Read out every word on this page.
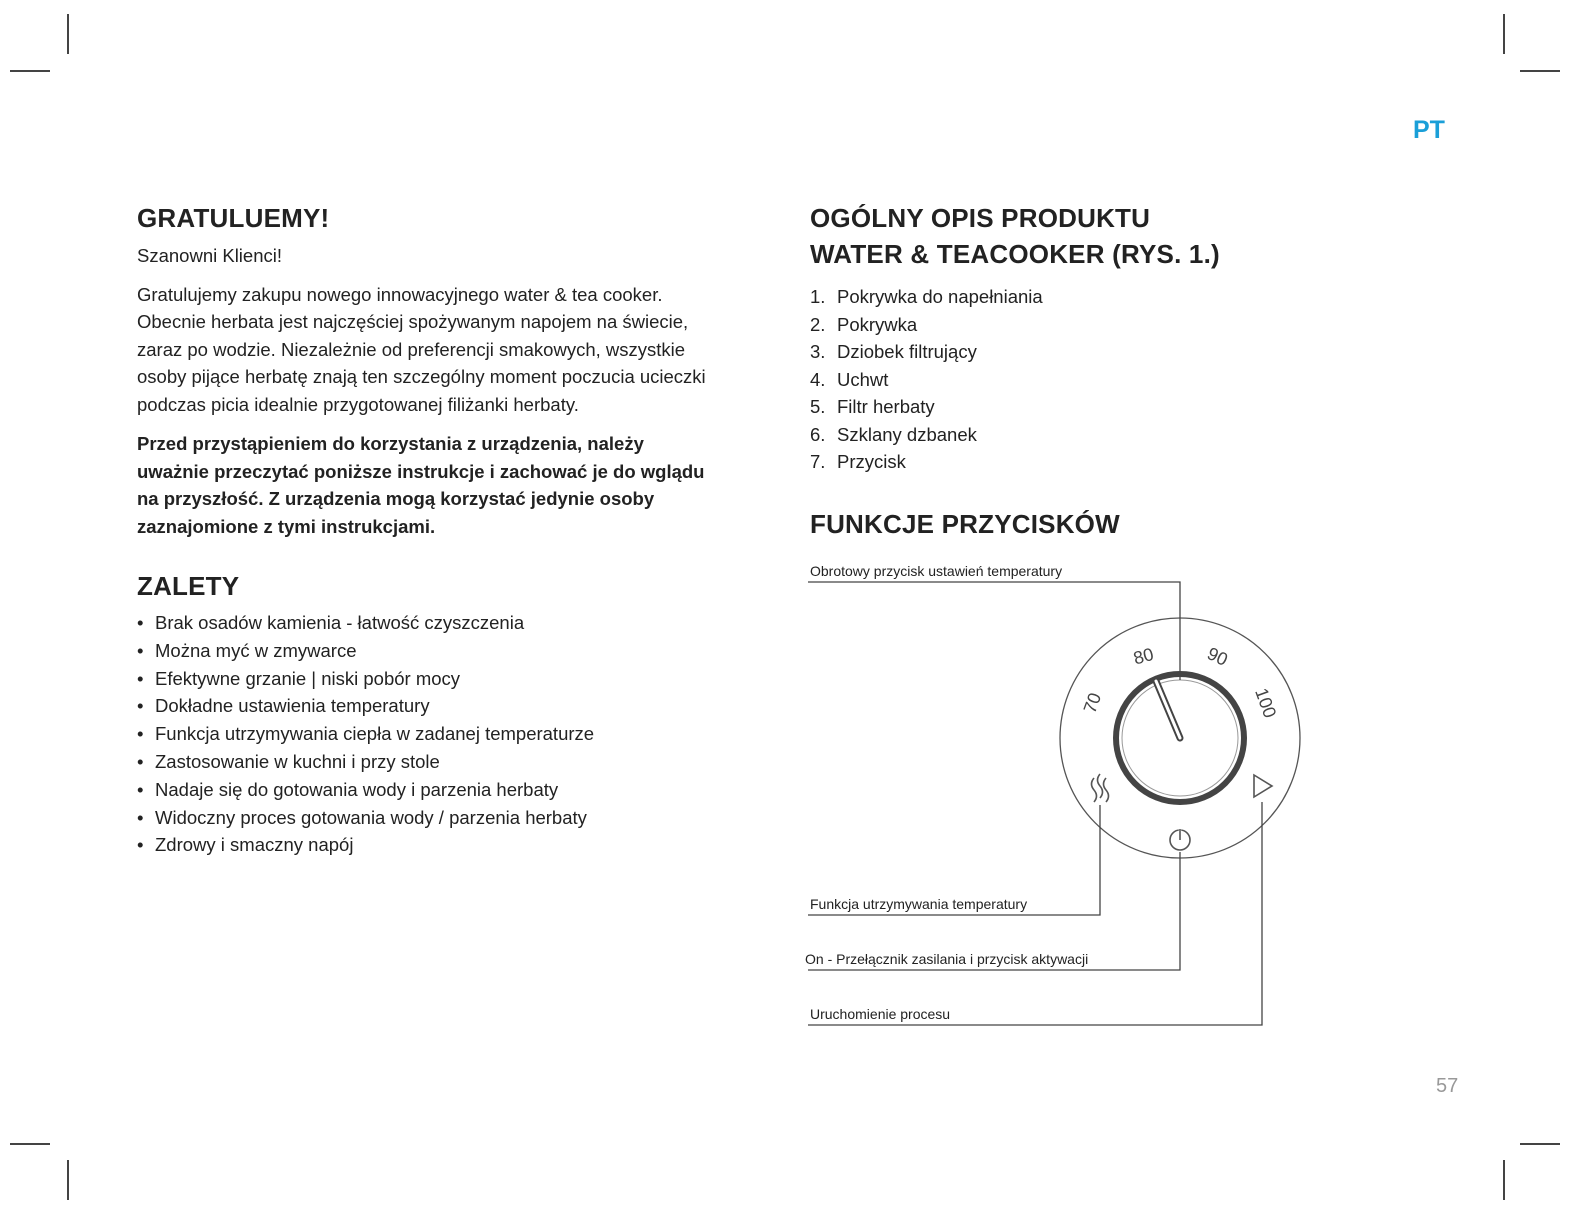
PT
GRATULUEMY!

Szanowni Klienci!

Gratulujemy zakupu nowego innowacyjnego water & tea cooker.

Obecnie herbata jest najczęściej spożywanym napojem na świecie,

zaraz po wodzie. Niezależnie od preferencji smakowych, wszystkie

osoby pijące herbatę znają ten szczególny moment poczucia ucieczki

podczas picia idealnie przygotowanej filiżanki herbaty.

Przed przystąpieniem do korzystania z urządzenia, należy

uważnie przeczytać poniższe instrukcje i zachować je do wglądu

na przyszłość. Z urządzenia mogą korzystać jedynie osoby

zaznajomione z tymi instrukcjami.

ZALETY
• Brak osadów kamienia - łatwość czyszczenia
• Można myć w zmywarce
• Efektywne grzanie | niski pobór mocy
• Dokładne ustawienia temperatury
• Funkcja utrzymywania ciepła w zadanej temperaturze
• Zastosowanie w kuchni i przy stole
• Nadaje się do gotowania wody i parzenia herbaty
• Widoczny proces gotowania wody / parzenia herbaty
• Zdrowy i smaczny napój
OGÓLNY OPIS PRODUKTU
WATER & TEACOOKER (RYS. 1.)
1. Pokrywka do napełniania
2. Pokrywka
3. Dziobek filtrujący
4. Uchwt
5. Filtr herbaty
6. Szklany dzbanek
7. Przycisk
FUNKCJE PRZYCISKÓW
70
80	90
100
Obrotowy przycisk ustawień temperatury
Funkcja utrzymywania temperatury
On - Przełącznik zasilania i przycisk aktywacji
Uruchomienie procesu
57
